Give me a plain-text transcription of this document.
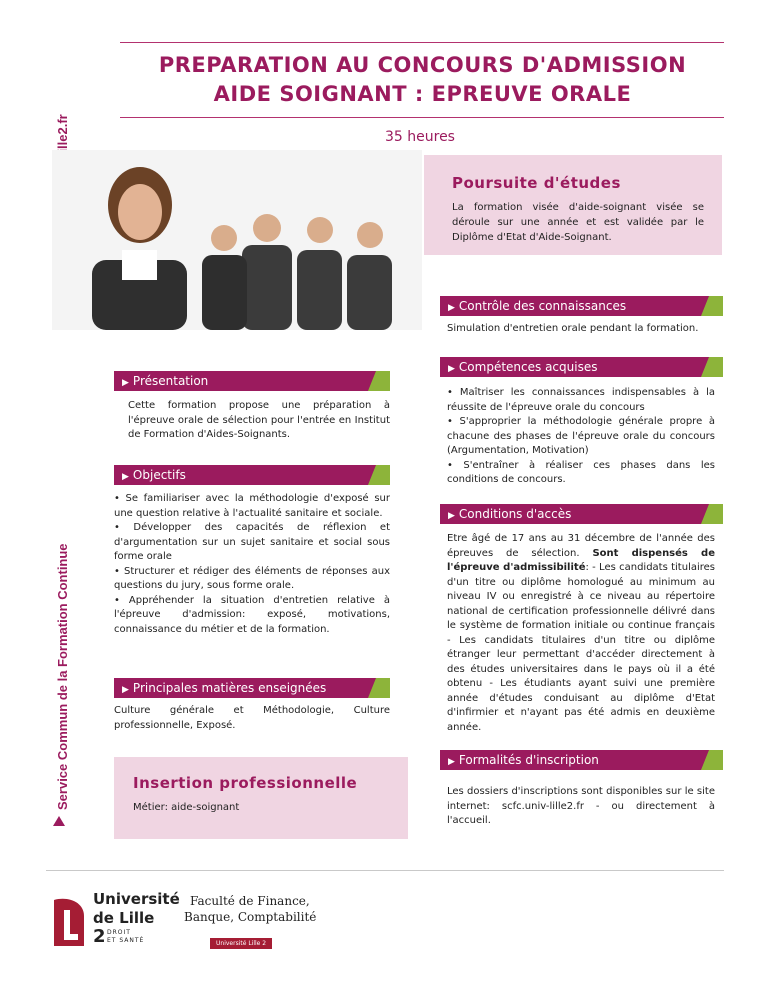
Service Commun de la Formation Continue
PREPARATION AU CONCOURS D'ADMISSION
AIDE SOIGNANT : EPREUVE ORALE
35 heures
Poursuite d'études
La formation visée d'aide-soignant visée se déroule sur une année et est validée par le Diplôme d'Etat d'Aide-Soignant.
▶ Contrôle des connaissances
Simulation d'entretien orale pendant la formation.
▶ Compétences acquises

• Maîtriser les connaissances indispensables à la réussite de l'épreuve orale du concours

• S'approprier la méthodologie générale propre à chacune des phases de l'épreuve orale du concours (Argumentation, Motivation)

• S'entraîner à réaliser ces phases dans les conditions de concours.

▶ Présentation
Cette formation propose une préparation à l'épreuve orale de sélection pour l'entrée en Institut de Formation d'Aides-Soignants.
▶ Objectifs

• Se familiariser avec la méthodologie d'exposé sur une question relative à l'actualité sanitaire et sociale.

• Développer des capacités de réflexion et d'argumentation sur un sujet sanitaire et social sous forme orale

• Structurer et rédiger des éléments de réponses aux questions du jury, sous forme orale.

• Appréhender la situation d'entretien relative à l'épreuve d'admission: exposé, motivations, connaissance du métier et de la formation.

▶ Conditions d'accès

Etre âgé de 17 ans au 31 décembre de l'année des épreuves de sélection. Sont dispensés de l'épreuve d'admissibilité: - Les candidats titulaires d'un titre ou diplôme homologué au minimum au niveau IV ou enregistré à ce niveau au répertoire national de certification professionnelle délivré dans le système de formation initiale ou continue français - Les candidats titulaires d'un titre ou diplôme étranger leur permettant d'accéder directement à des études universitaires dans le pays où il a été obtenu - Les étudiants ayant suivi une première année d'études conduisant au diplôme d'Etat d'infirmier et n'ayant pas été admis en deuxième année.

▶ Principales matières enseignées
Culture générale et Méthodologie, Culture professionnelle, Exposé.
▶ Formalités d'inscription
Les dossiers d'inscriptions sont disponibles sur le site internet: scfc.univ-lille2.fr - ou directement à l'accueil.
Insertion professionnelle
Métier: aide-soignant
Université
de Lille
2 DROIT
ET SANTÉ
Faculté de Finance,
Banque, Comptabilité
Université Lille 2
